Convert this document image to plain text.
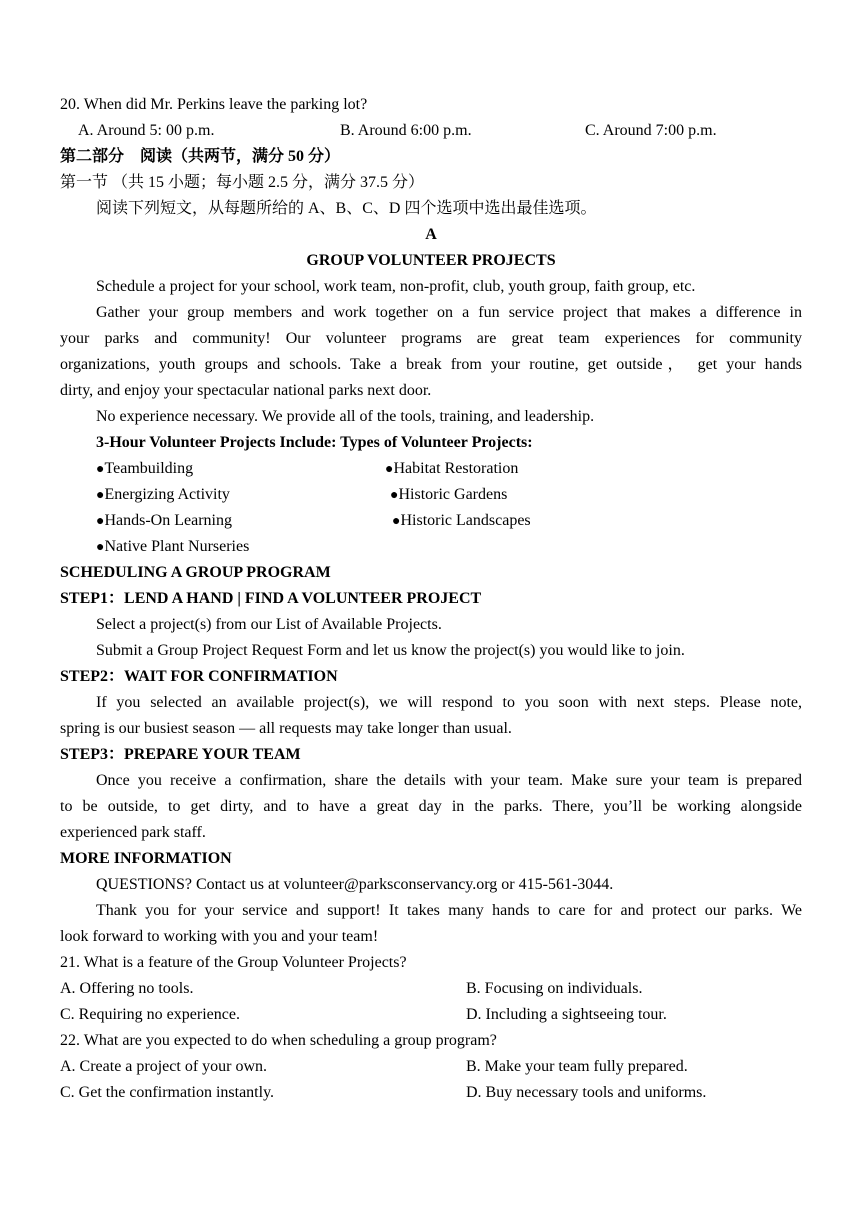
20. When did Mr. Perkins leave the parking lot?
A. Around 5: 00 p.m.	B. Around 6:00 p.m.	C. Around 7:00 p.m.
第二部分　阅读（共两节，满分 50 分）
第一节 （共 15 小题；每小题 2.5 分，满分 37.5 分）
阅读下列短文，从每题所给的 A、B、C、D 四个选项中选出最佳选项。
A
GROUP VOLUNTEER PROJECTS
Schedule a project for your school, work team, non-profit, club, youth group, faith group, etc.
Gather your group members and work together on a fun service project that makes a difference in
your parks and community! Our volunteer programs are great team experiences for community
organizations, youth groups and schools. Take a break from your routine, get outside， get your hands
dirty, and enjoy your spectacular national parks next door.
No experience necessary. We provide all of the tools, training, and leadership.
3-Hour Volunteer Projects Include: Types of Volunteer Projects:
●Teambuilding	●Habitat Restoration
●Energizing Activity	●Historic Gardens
●Hands-On Learning	●Historic Landscapes
●Native Plant Nurseries
SCHEDULING A GROUP PROGRAM
STEP1：LEND A HAND | FIND A VOLUNTEER PROJECT
Select a project(s) from our List of Available Projects.
Submit a Group Project Request Form and let us know the project(s) you would like to join.
STEP2：WAIT FOR CONFIRMATION
If you selected an available project(s), we will respond to you soon with next steps. Please note,
spring is our busiest season — all requests may take longer than usual.
STEP3：PREPARE YOUR TEAM
Once you receive a confirmation, share the details with your team. Make sure your team is prepared
to be outside, to get dirty, and to have a great day in the parks. There, you’ll be working alongside
experienced park staff.
MORE INFORMATION
QUESTIONS? Contact us at volunteer@parksconservancy.org or 415-561-3044.
Thank you for your service and support! It takes many hands to care for and protect our parks. We
look forward to working with you and your team!
21. What is a feature of the Group Volunteer Projects?
A. Offering no tools.	B. Focusing on individuals.
C. Requiring no experience.	D. Including a sightseeing tour.
22. What are you expected to do when scheduling a group program?
A. Create a project of your own.	B. Make your team fully prepared.
C. Get the confirmation instantly.	D. Buy necessary tools and uniforms.
